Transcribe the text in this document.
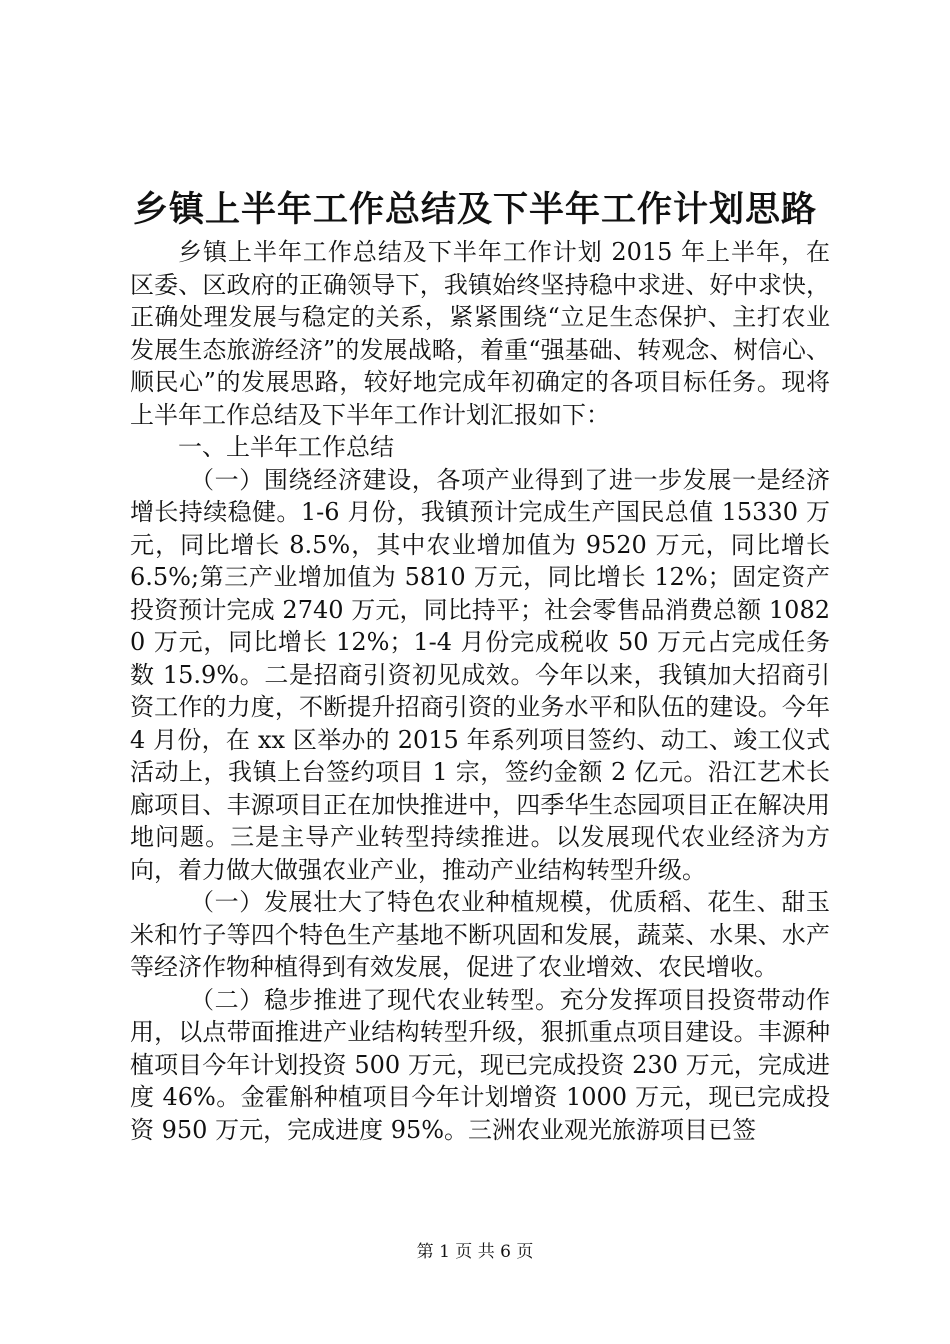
乡镇上半年工作总结及下半年工作计划思路

乡镇上半年工作总结及下半年工作计划 2015 年上半年，在区委、区政府的正确领导下，我镇始终坚持稳中求进、好中求快，正确处理发展与稳定的关系，紧紧围绕“立足生态保护、主打农业发展生态旅游经济”的发展战略，着重“强基础、转观念、树信心、顺民心”的发展思路，较好地完成年初确定的各项目标任务。现将上半年工作总结及下半年工作计划汇报如下：

一、上半年工作总结

（一）围绕经济建设，各项产业得到了进一步发展一是经济增长持续稳健。1-6 月份，我镇预计完成生产国民总值 15330 万元，同比增长 8.5%，其中农业增加值为 9520 万元，同比增长 6.5%;第三产业增加值为 5810 万元，同比增长 12%；固定资产投资预计完成 2740 万元，同比持平；社会零售品消费总额 10820 万元，同比增长 12%；1-4 月份完成税收 50 万元占完成任务数 15.9%。二是招商引资初见成效。今年以来，我镇加大招商引资工作的力度，不断提升招商引资的业务水平和队伍的建设。今年 4 月份，在 xx 区举办的 2015 年系列项目签约、动工、竣工仪式活动上，我镇上台签约项目 1 宗，签约金额 2 亿元。沿江艺术长廊项目、丰源项目正在加快推进中，四季华生态园项目正在解决用地问题。三是主导产业转型持续推进。以发展现代农业经济为方向，着力做大做强农业产业，推动产业结构转型升级。

（一）发展壮大了特色农业种植规模，优质稻、花生、甜玉米和竹子等四个特色生产基地不断巩固和发展，蔬菜、水果、水产等经济作物种植得到有效发展，促进了农业增效、农民增收。

（二）稳步推进了现代农业转型。充分发挥项目投资带动作用，以点带面推进产业结构转型升级，狠抓重点项目建设。丰源种植项目今年计划投资 500 万元，现已完成投资 230 万元，完成进度 46%。金霍斛种植项目今年计划增资 1000 万元，现已完成投资 950 万元，完成进度 95%。三洲农业观光旅游项目已签

第 1 页 共 6 页
